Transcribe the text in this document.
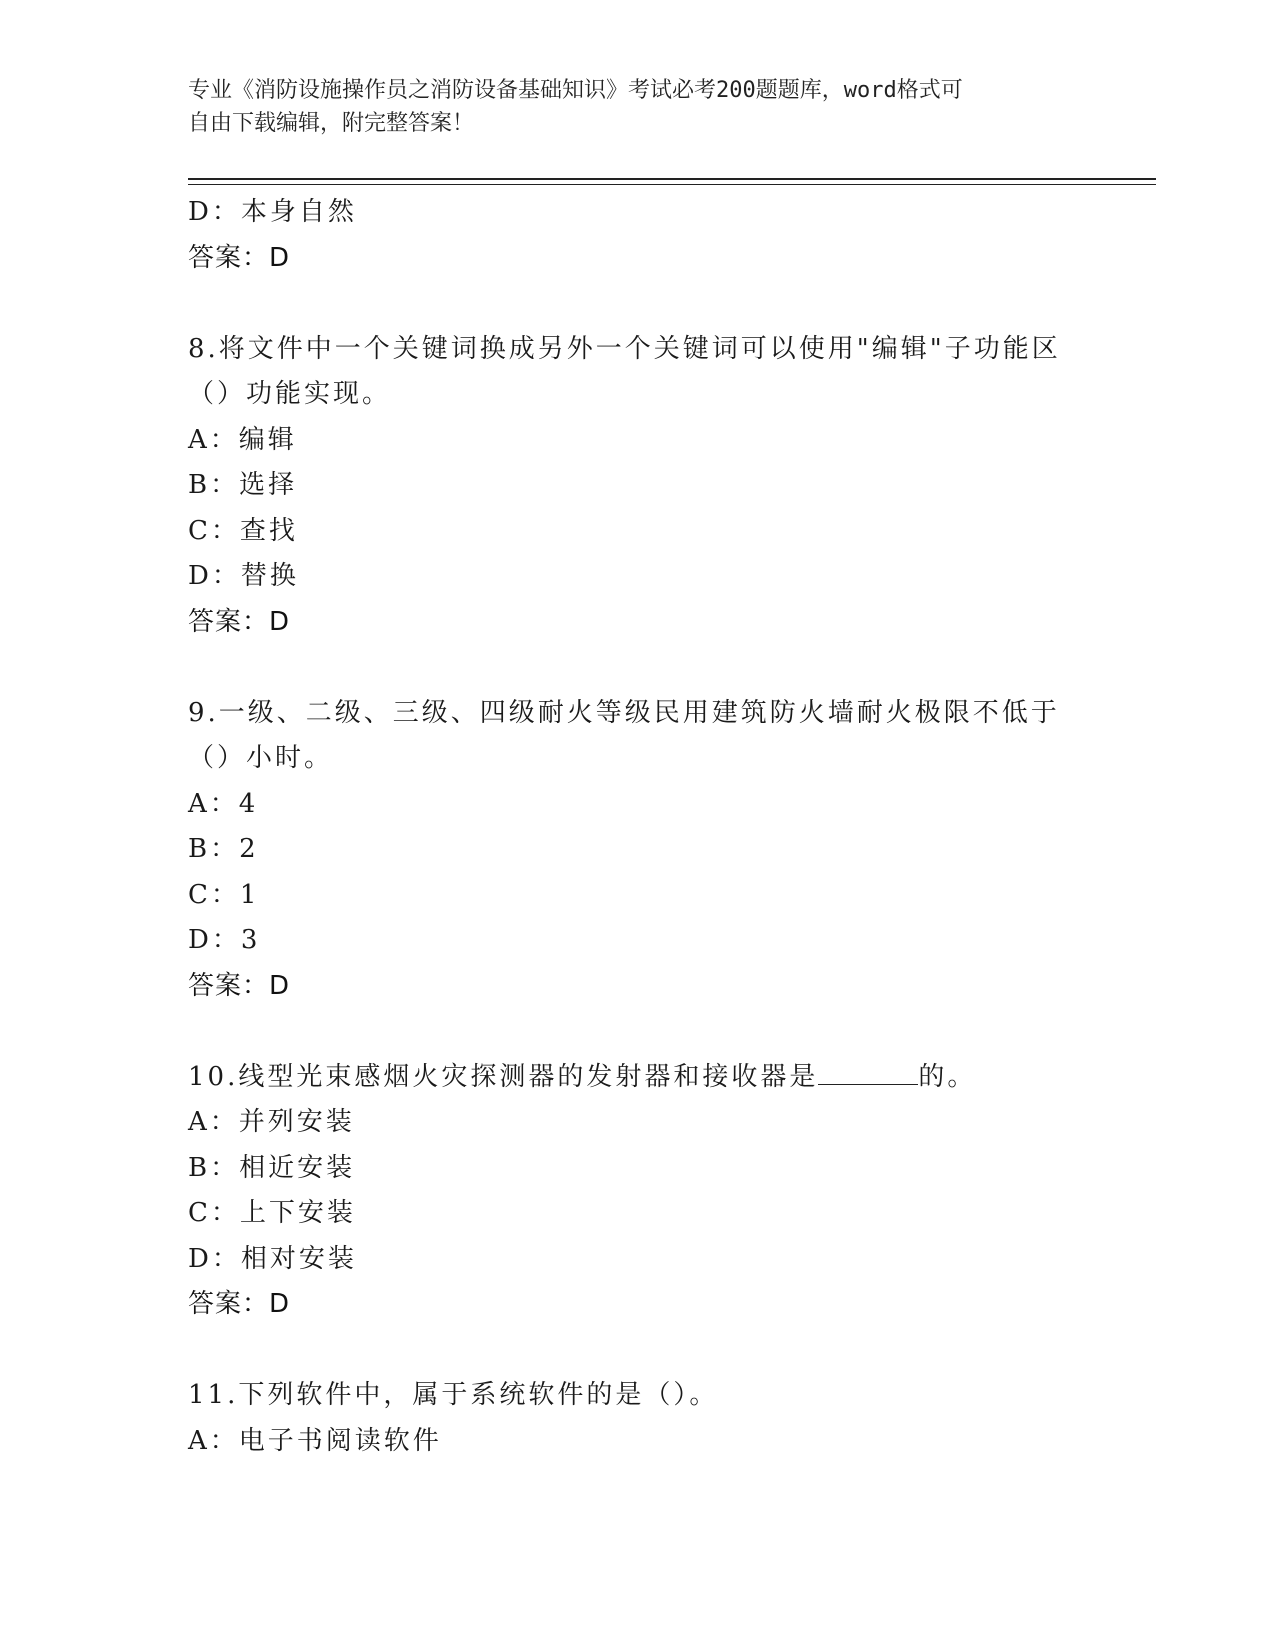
专业《消防设施操作员之消防设备基础知识》考试必考200题题库，word格式可
自由下载编辑，附完整答案！
D：本身自然
答案：D
8.将文件中一个关键词换成另外一个关键词可以使用"编辑"子功能区
（）功能实现。
A：编辑
B：选择
C：查找
D：替换
答案：D
9.一级、二级、三级、四级耐火等级民用建筑防火墙耐火极限不低于
（）小时。
A：4
B：2
C：1
D：3
答案：D
10.线型光束感烟火灾探测器的发射器和接收器是	的。
A：并列安装
B：相近安装
C：上下安装
D：相对安装
答案：D
11.下列软件中，属于系统软件的是（）。
A：电子书阅读软件
